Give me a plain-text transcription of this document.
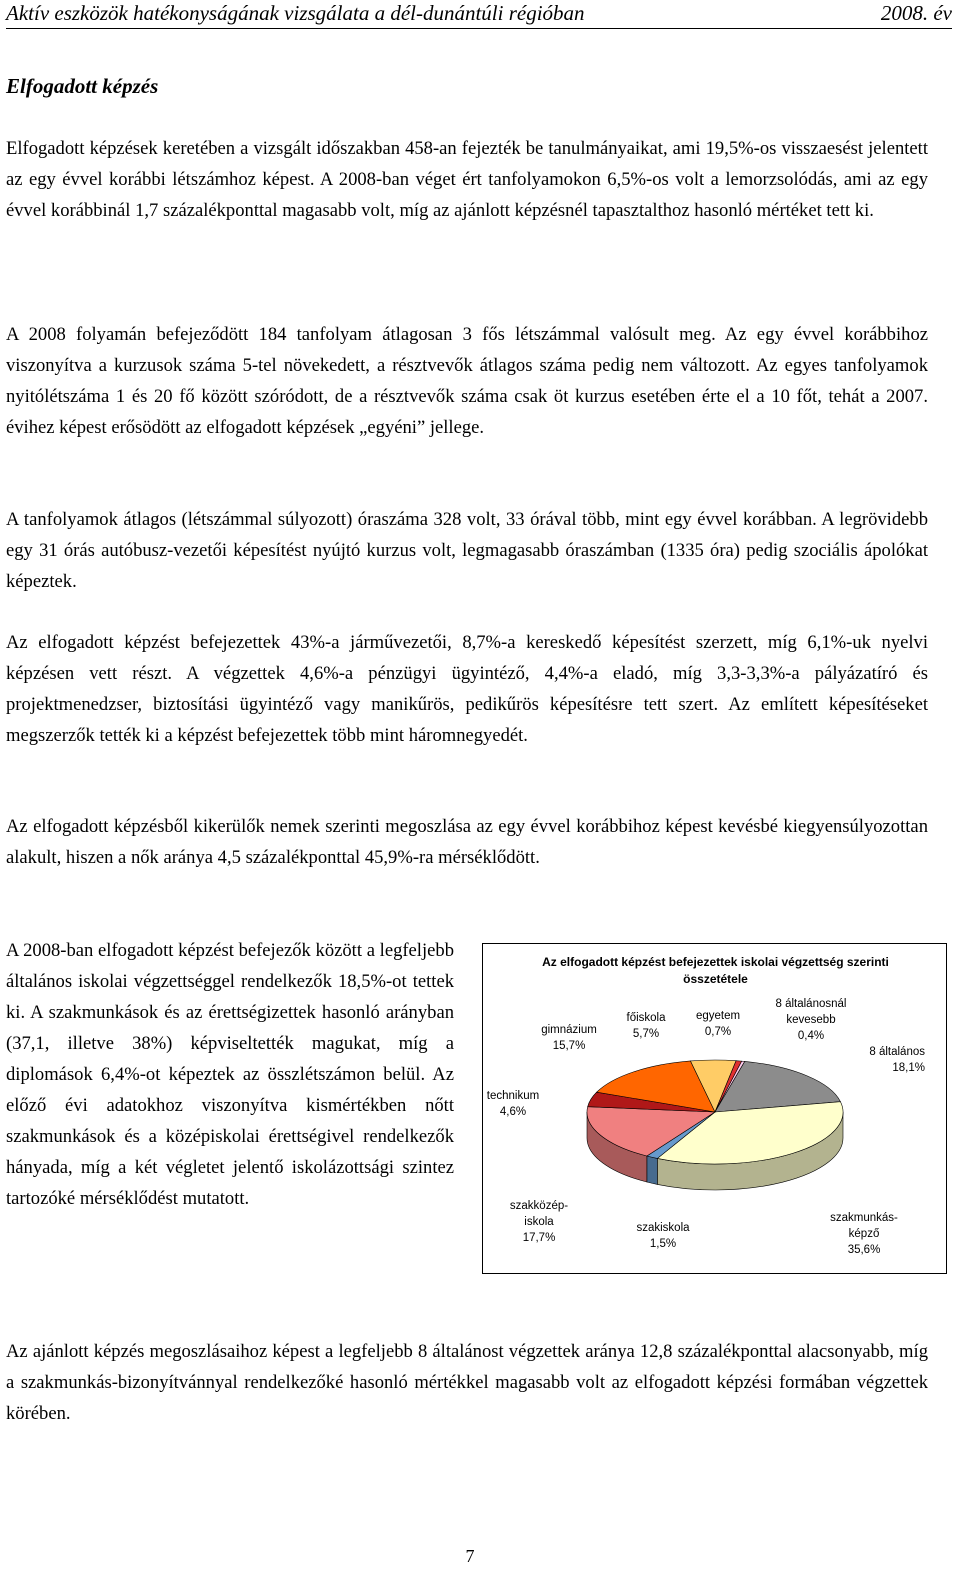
Aktív eszközök hatékonyságának vizsgálata a dél-dunántúli régióban	2008. év
Elfogadott képzés

Elfogadott képzések keretében a vizsgált időszakban 458-an fejezték be tanulmányaikat, ami 19,5%-os visszaesést jelentett az egy évvel korábbi létszámhoz képest. A 2008-ban véget ért tanfolyamokon 6,5%-os volt a lemorzsolódás, ami az egy évvel korábbinál 1,7 százalékponttal magasabb volt, míg az ajánlott képzésnél tapasztalthoz hasonló mértéket tett ki.

A 2008 folyamán befejeződött 184 tanfolyam átlagosan 3 fős létszámmal valósult meg. Az egy évvel korábbihoz viszonyítva a kurzusok száma 5-tel növekedett, a résztvevők átlagos száma pedig nem változott. Az egyes tanfolyamok nyitólétszáma 1 és 20 fő között szóródott, de a résztvevők száma csak öt kurzus esetében érte el a 10 főt, tehát a 2007. évihez képest erősödött az elfogadott képzések „egyéni” jellege.

A tanfolyamok átlagos (létszámmal súlyozott) óraszáma 328 volt, 33 órával több, mint egy évvel korábban. A legrövidebb egy 31 órás autóbusz-vezetői képesítést nyújtó kurzus volt, legmagasabb óraszámban (1335 óra) pedig szociális ápolókat képeztek.

Az elfogadott képzést befejezettek 43%-a járművezetői, 8,7%-a kereskedő képesítést szerzett, míg 6,1%-uk nyelvi képzésen vett részt. A végzettek 4,6%-a pénzügyi ügyintéző, 4,4%-a eladó, míg 3,3-3,3%-a pályázatíró és projektmenedzser, biztosítási ügyintéző vagy manikűrös, pedikűrös képesítésre tett szert. Az említett képesítéseket megszerzők tették ki a képzést befejezettek több mint háromnegyedét.

Az elfogadott képzésből kikerülők nemek szerinti megoszlása az egy évvel korábbihoz képest kevésbé kiegyensúlyozottan alakult, hiszen a nők aránya 4,5 százalékponttal 45,9%-ra mérséklődött.

A 2008-ban elfogadott képzést befejezők között a legfeljebb általános iskolai végzettséggel rendelkezők 18,5%-ot tettek ki. A szakmunkások és az érettségizettek hasonló arányban (37,1, illetve 38%) képviseltették magukat, míg a diplomások 6,4%-ot képeztek az összlétszámon belül. Az előző évi adatokhoz viszonyítva kismértékben nőtt szakmunkások és a középiskolai érettségivel rendelkezők hányada, míg a két végletet jelentő iskolázottsági szintez tartozóké mérséklődést mutatott.

Az elfogadott képzést befejezettek iskolai végzettség szerinti összetétele
8 általánosnál
kevesebb
0,4%
8 általános
18,1%
szakmunkás-
képző
35,6%
szakiskola
1,5%
szakközép-
iskola
17,7%
technikum
4,6%
gimnázium
15,7%
főiskola
5,7%
egyetem
0,7%

Az ajánlott képzés megoszlásaihoz képest a legfeljebb 8 általánost végzettek aránya 12,8 százalékponttal alacsonyabb, míg a szakmunkás-bizonyítvánnyal rendelkezőké hasonló mértékkel magasabb volt az elfogadott képzési formában végzettek körében.

7
